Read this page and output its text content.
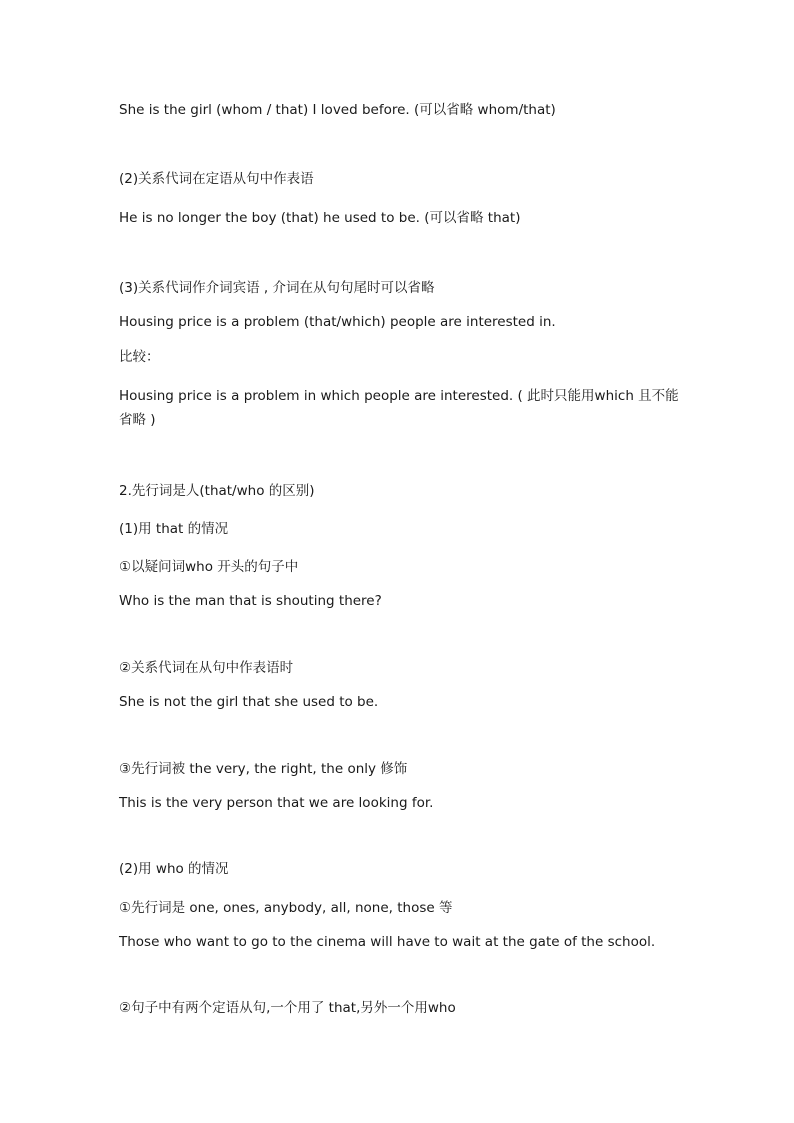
She is the girl (whom / that) I loved before. (可以省略 whom/that)
(2)关系代词在定语从句中作表语
He is no longer the boy (that) he used to be. (可以省略 that)
(3)关系代词作介词宾语 , 介词在从句句尾时可以省略
Housing price is a problem (that/which) people are interested in.
比较：
Housing price is a problem in which people are interested. ( 此时只能用which 且不能省略 )
2.先行词是人(that/who 的区别)
(1)用 that 的情况
①以疑问词who 开头的句子中
Who is the man that is shouting there?
②关系代词在从句中作表语时
She is not the girl that she used to be.
③先行词被 the very, the right, the only 修饰
This is the very person that we are looking for.
(2)用 who 的情况
①先行词是 one, ones, anybody, all, none, those 等
Those who want to go to the cinema will have to wait at the gate of the school.
②句子中有两个定语从句,一个用了 that,另外一个用who
